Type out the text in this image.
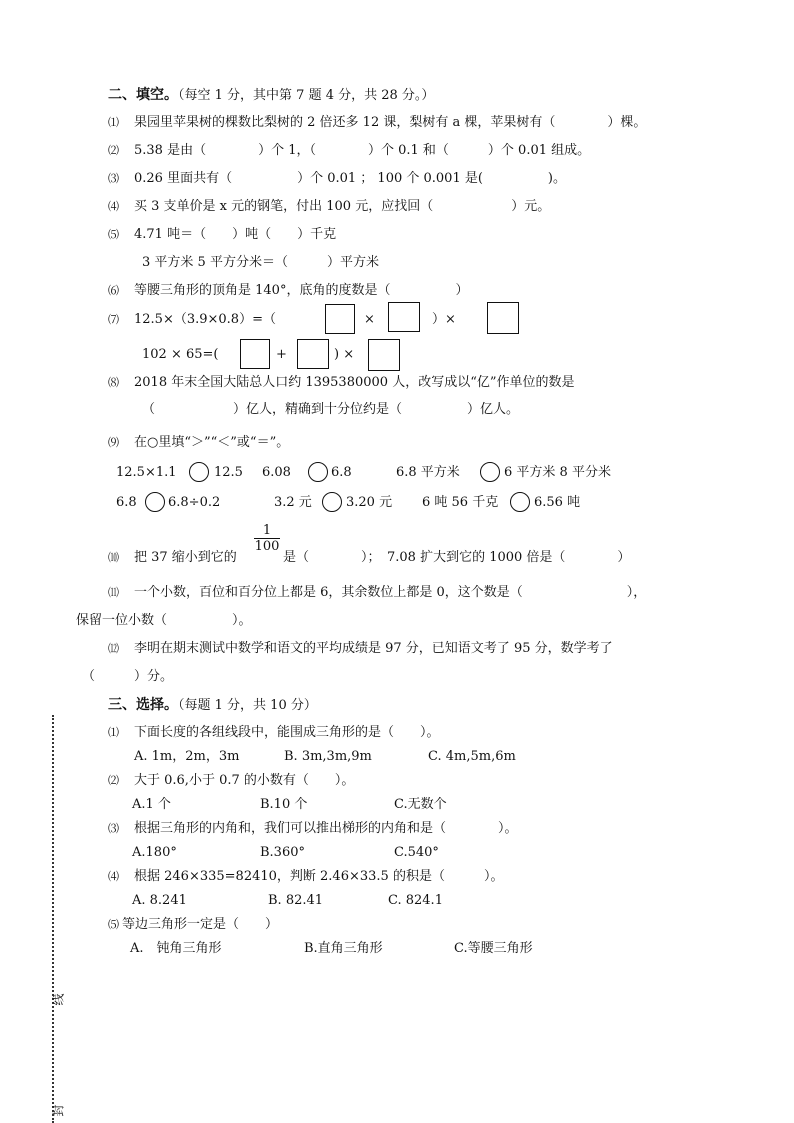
二、填空。（每空 1 分，其中第 7 题 4 分，共 28 分。）
⑴ 果园里苹果树的棵数比梨树的 2 倍还多 12 课，梨树有 a 棵，苹果树有（　　　　）棵。
⑵ 5.38 是由（　　　　）个 1，（　　　　）个 0.1 和（　　　）个 0.01 组成。
⑶ 0.26 里面共有（　　　　　）个 0.01 ； 100 个 0.001 是(　　　　　)。
⑷ 买 3 支单价是 x 元的钢笔，付出 100 元，应找回（　　　　　　）元。
⑸ 4.71 吨＝（　　）吨（　　）千克
3 平方米 5 平方分米＝（　　　）平方米
⑹ 等腰三角形的顶角是 140°，底角的度数是（　　　　　）
⑺ 12.5×（3.9×0.8）=（	×	）×
102 × 65=(	+	) ×
⑻ 2018 年末全国大陆总人口约 1395380000 人，改写成以“亿”作单位的数是
（　　　　　　）亿人，精确到十分位约是（　　　　　）亿人。
⑼ 在○里填“＞”“＜”或“＝”。
12.5×1.1	12.5 6.08	6.8	6.8 平方米	6 平方米 8 平分米
6.8 6.8÷0.2	3.2 元	3.20 元 6 吨 56 千克	6.56 吨
⑽ 把 37 缩小到它的
$\frac{1}{100}$
是（　　　　）；　7.08 扩大到它的 1000 倍是（　　　　）
⑾ 一个小数，百位和百分位上都是 6，其余数位上都是 0，这个数是（　　　　　　　　），
保留一位小数（　　　　　）。
⑿ 李明在期末测试中数学和语文的平均成绩是 97 分，已知语文考了 95 分，数学考了
（　　　）分。
三、选择。（每题 1 分，共 10 分）
⑴ 下面长度的各组线段中，能围成三角形的是（　　）。
A. 1m，2m，3m	B. 3m,3m,9m	C. 4m,5m,6m
⑵ 大于 0.6,小于 0.7 的小数有（　　）。
A.1 个	B.10 个	C.无数个
⑶ 根据三角形的内角和，我们可以推出梯形的内角和是（　　　　）。
A.180°	B.360°	C.540°
⑷ 根据 246×335=82410，判断 2.46×33.5 的积是（　　　）。
A. 8.241	B. 82.41	C. 824.1
⑸ 等边三角形一定是（　　）
A.　钝角三角形	B.直角三角形	C.等腰三角形
线
封
